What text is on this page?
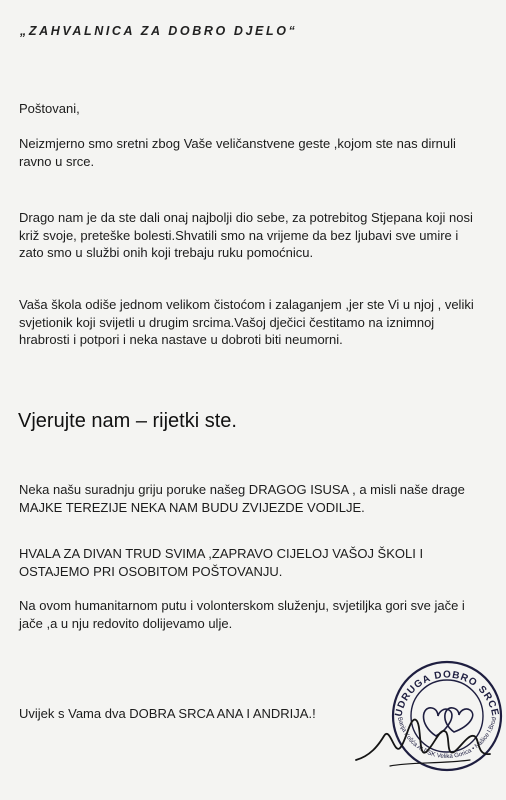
„ZAHVALNICA ZA DOBRO DJELO“

Poštovani,

Neizmjerno smo sretni zbog Vaše veličanstvene geste ,kojom ste nas dirnuli ravno u srce.

Drago nam je da ste dali onaj najbolji dio sebe, za potrebitog Stjepana koji nosi križ svoje, preteške bolesti.Shvatili smo na vrijeme da bez ljubavi sve umire i zato smo u službi onih koji trebaju ruku pomoćnicu.

Vaša škola odiše jednom velikom čistoćom i zalaganjem ,jer ste Vi u njoj , veliki svjetionik koji svijetli u drugim srcima.Vašoj dječici čestitamo na iznimnoj hrabrosti i potpori i neka nastave u dobroti biti neumorni.

Vjerujte nam – rijetki ste.

Neka našu suradnju griju poruke našeg DRAGOG ISUSA , a misli naše drage MAJKE TEREZIJE NEKA NAM BUDU ZVIJEZDE VODILJE.

HVALA ZA DIVAN TRUD SVIMA ,ZAPRAVO CIJELOJ VAŠOJ ŠKOLI I OSTAJEMO PRI OSOBITOM POŠTOVANJU.

Na ovom humanitarnom putu i volonterskom služenju, svjetiljka gori sve jače i jače ,a u nju redovito dolijevamo ulje.

Uvijek s Vama dva DOBRA SRCA ANA I ANDRIJA.!	UDRUGA DOBRO SRCE
Banja Košća ALDSK Velika Gorica • Našice I.Brod
